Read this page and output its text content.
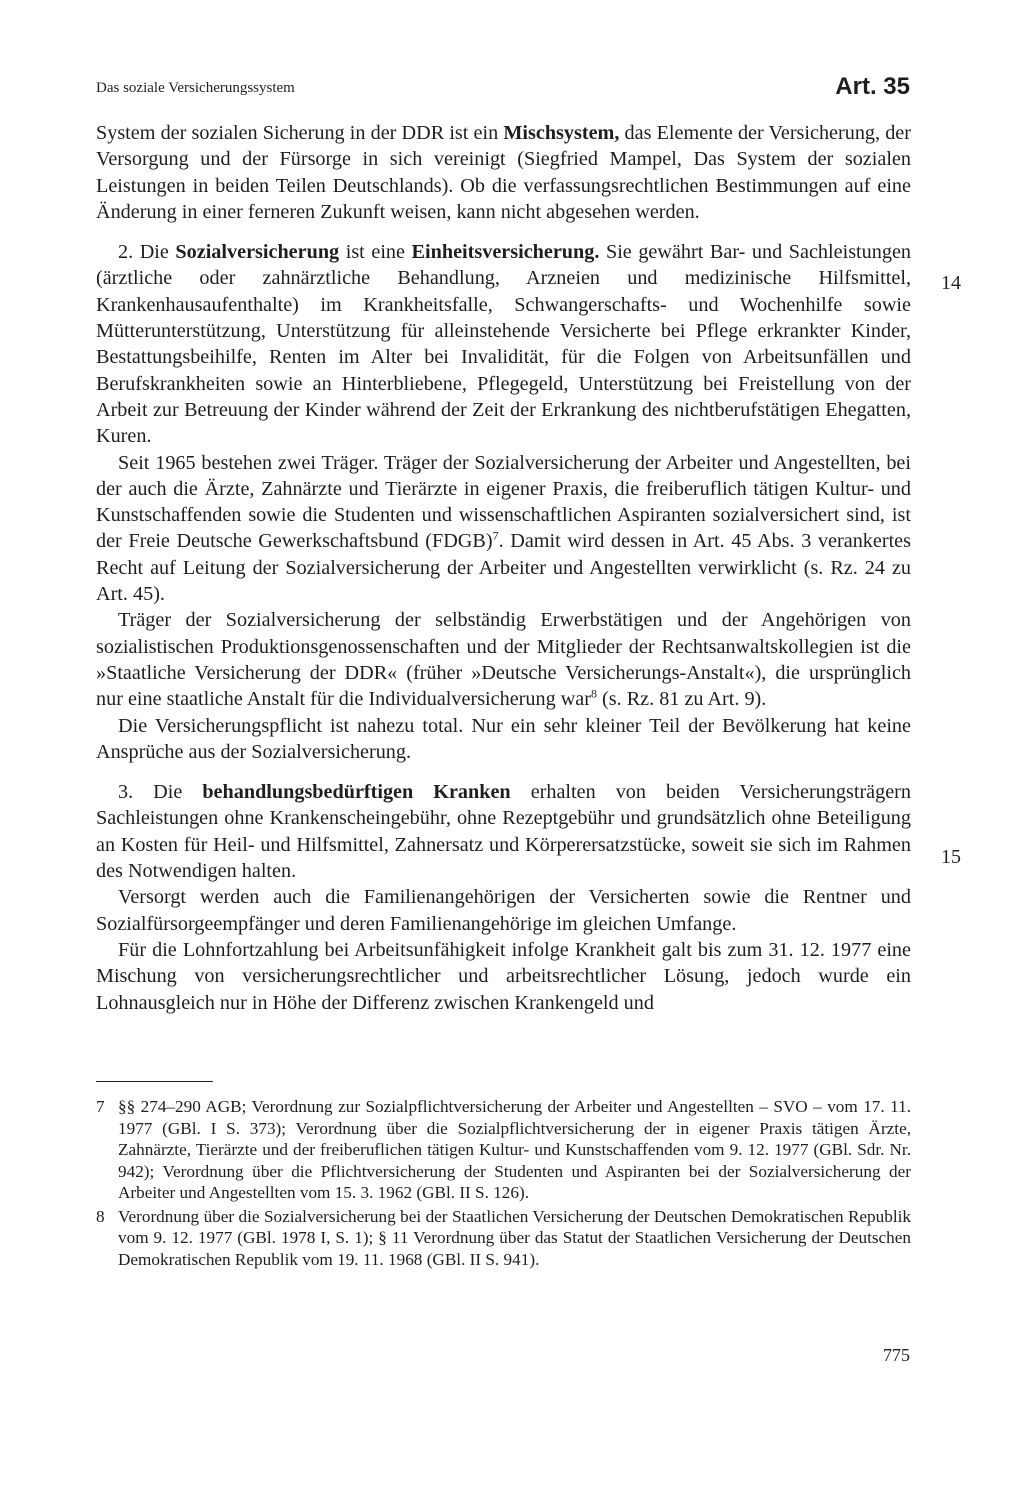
Das soziale Versicherungssystem	Art. 35

System der sozialen Sicherung in der DDR ist ein Mischsystem, das Elemente der Versicherung, der Versorgung und der Fürsorge in sich vereinigt (Siegfried Mampel, Das System der sozialen Leistungen in beiden Teilen Deutschlands). Ob die verfassungsrechtlichen Bestimmungen auf eine Änderung in einer ferneren Zukunft weisen, kann nicht abgesehen werden.

2. Die Sozialversicherung ist eine Einheitsversicherung. Sie gewährt Bar- und Sachleistungen (ärztliche oder zahnärztliche Behandlung, Arzneien und medizinische Hilfsmittel, Krankenhausaufenthalte) im Krankheitsfalle, Schwangerschafts- und Wochenhilfe sowie Mütterunterstützung, Unterstützung für alleinstehende Versicherte bei Pflege erkrankter Kinder, Bestattungsbeihilfe, Renten im Alter bei Invalidität, für die Folgen von Arbeitsunfällen und Berufskrankheiten sowie an Hinterbliebene, Pflegegeld, Unterstützung bei Freistellung von der Arbeit zur Betreuung der Kinder während der Zeit der Erkrankung des nichtberufstätigen Ehegatten, Kuren.

Seit 1965 bestehen zwei Träger. Träger der Sozialversicherung der Arbeiter und Angestellten, bei der auch die Ärzte, Zahnärzte und Tierärzte in eigener Praxis, die freiberuflich tätigen Kultur- und Kunstschaffenden sowie die Studenten und wissenschaftlichen Aspiranten sozialversichert sind, ist der Freie Deutsche Gewerkschaftsbund (FDGB)$^7$. Damit wird dessen in Art. 45 Abs. 3 verankertes Recht auf Leitung der Sozialversicherung der Arbeiter und Angestellten verwirklicht (s. Rz. 24 zu Art. 45).

Träger der Sozialversicherung der selbständig Erwerbstätigen und der Angehörigen von sozialistischen Produktionsgenossenschaften und der Mitglieder der Rechtsanwaltskollegien ist die »Staatliche Versicherung der DDR« (früher »Deutsche Versicherungs-Anstalt«), die ursprünglich nur eine staatliche Anstalt für die Individualversicherung war$^8$ (s. Rz. 81 zu Art. 9).

Die Versicherungspflicht ist nahezu total. Nur ein sehr kleiner Teil der Bevölkerung hat keine Ansprüche aus der Sozialversicherung.

3. Die behandlungsbedürftigen Kranken erhalten von beiden Versicherungsträgern Sachleistungen ohne Krankenscheingebühr, ohne Rezeptgebühr und grundsätzlich ohne Beteiligung an Kosten für Heil- und Hilfsmittel, Zahnersatz und Körperersatzstücke, soweit sie sich im Rahmen des Notwendigen halten.

Versorgt werden auch die Familienangehörigen der Versicherten sowie die Rentner und Sozialfürsorgeempfänger und deren Familienangehörige im gleichen Umfange.

Für die Lohnfortzahlung bei Arbeitsunfähigkeit infolge Krankheit galt bis zum 31. 12. 1977 eine Mischung von versicherungsrechtlicher und arbeitsrechtlicher Lösung, jedoch wurde ein Lohnausgleich nur in Höhe der Differenz zwischen Krankengeld und

14
15
7 §§ 274–290 AGB; Verordnung zur Sozialpflichtversicherung der Arbeiter und Angestellten – SVO – vom 17. 11. 1977 (GBl. I S. 373); Verordnung über die Sozialpflichtversicherung der in eigener Praxis tätigen Ärzte, Zahnärzte, Tierärzte und der freiberuflichen tätigen Kultur- und Kunstschaffenden vom 9. 12. 1977 (GBl. Sdr. Nr. 942); Verordnung über die Pflichtversicherung der Studenten und Aspiranten bei der Sozialversicherung der Arbeiter und Angestellten vom 15. 3. 1962 (GBl. II S. 126).
8 Verordnung über die Sozialversicherung bei der Staatlichen Versicherung der Deutschen Demokratischen Republik vom 9. 12. 1977 (GBl. 1978 I, S. 1); § 11 Verordnung über das Statut der Staatlichen Versicherung der Deutschen Demokratischen Republik vom 19. 11. 1968 (GBl. II S. 941).
775
